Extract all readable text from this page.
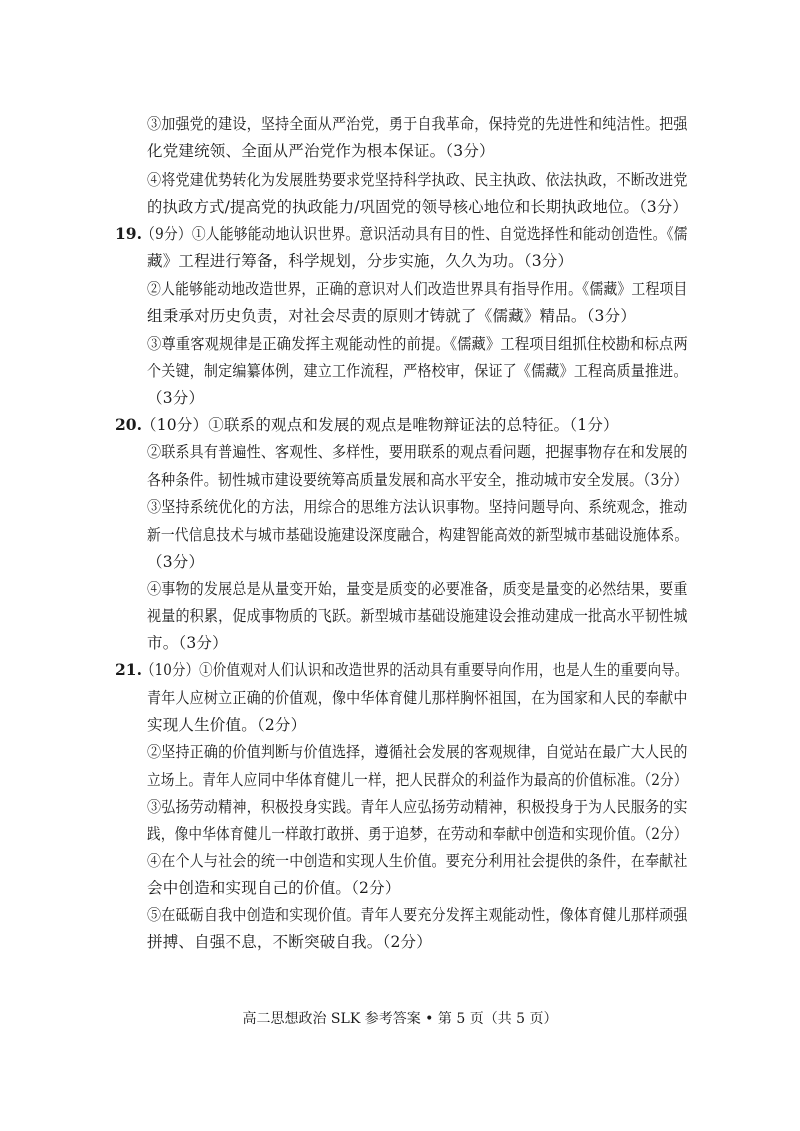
③加强党的建设，坚持全面从严治党，勇于自我革命，保持党的先进性和纯洁性。把强
化党建统领、全面从严治党作为根本保证。（3分）
④将党建优势转化为发展胜势要求党坚持科学执政、民主执政、依法执政，不断改进党
的执政方式/提高党的执政能力/巩固党的领导核心地位和长期执政地位。（3分）
19. （9分）①人能够能动地认识世界。意识活动具有目的性、自觉选择性和能动创造性。《儒
藏》工程进行筹备，科学规划，分步实施，久久为功。（3分）
②人能够能动地改造世界，正确的意识对人们改造世界具有指导作用。《儒藏》工程项目
组秉承对历史负责，对社会尽责的原则才铸就了《儒藏》精品。（3分）
③尊重客观规律是正确发挥主观能动性的前提。《儒藏》工程项目组抓住校勘和标点两
个关键，制定编纂体例，建立工作流程，严格校审，保证了《儒藏》工程高质量推进。
（3分）
20. （10分）①联系的观点和发展的观点是唯物辩证法的总特征。（1分）
②联系具有普遍性、客观性、多样性，要用联系的观点看问题，把握事物存在和发展的
各种条件。韧性城市建设要统筹高质量发展和高水平安全，推动城市安全发展。（3分）
③坚持系统优化的方法，用综合的思维方法认识事物。坚持问题导向、系统观念，推动
新一代信息技术与城市基础设施建设深度融合，构建智能高效的新型城市基础设施体系。
（3分）
④事物的发展总是从量变开始，量变是质变的必要准备，质变是量变的必然结果，要重
视量的积累，促成事物质的飞跃。新型城市基础设施建设会推动建成一批高水平韧性城
市。（3分）
21. （10分）①价值观对人们认识和改造世界的活动具有重要导向作用，也是人生的重要向导。
青年人应树立正确的价值观，像中华体育健儿那样胸怀祖国，在为国家和人民的奉献中
实现人生价值。（2分）
②坚持正确的价值判断与价值选择，遵循社会发展的客观规律，自觉站在最广大人民的
立场上。青年人应同中华体育健儿一样，把人民群众的利益作为最高的价值标准。（2分）
③弘扬劳动精神，积极投身实践。青年人应弘扬劳动精神，积极投身于为人民服务的实
践，像中华体育健儿一样敢打敢拼、勇于追梦，在劳动和奉献中创造和实现价值。（2分）
④在个人与社会的统一中创造和实现人生价值。要充分利用社会提供的条件，在奉献社
会中创造和实现自己的价值。（2分）
⑤在砥砺自我中创造和实现价值。青年人要充分发挥主观能动性，像体育健儿那样顽强
拼搏、自强不息，不断突破自我。（2分）
高二思想政治 SLK 参考答案 • 第 5 页（共 5 页）
